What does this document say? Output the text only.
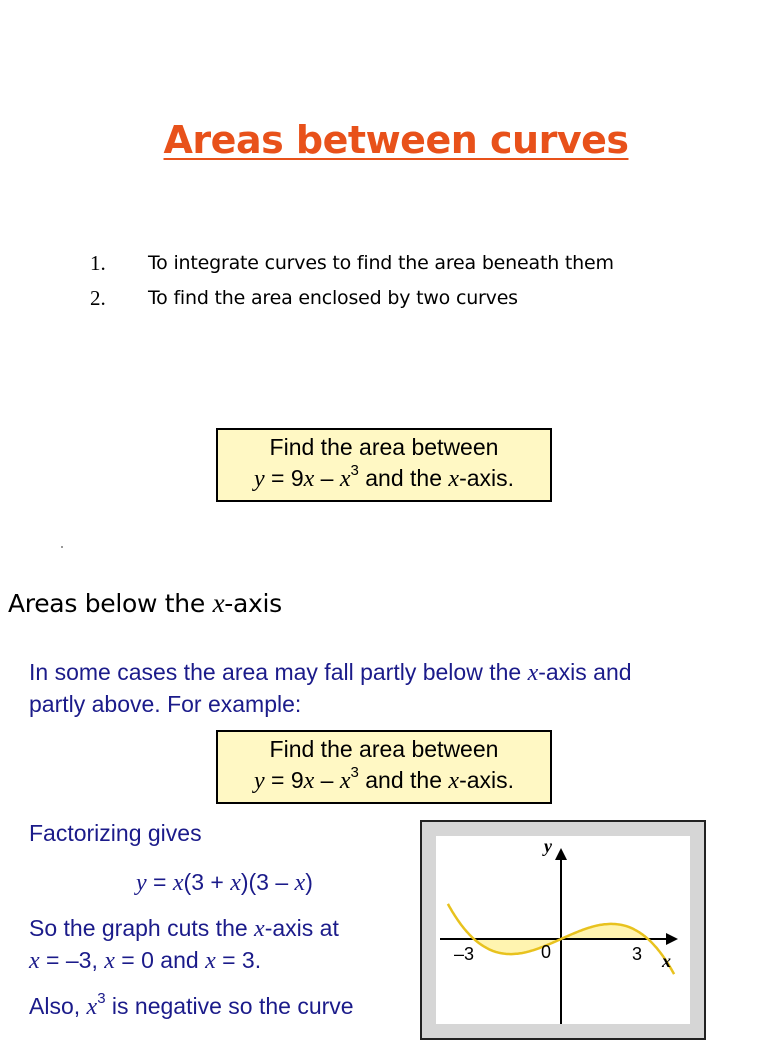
Areas between curves
1. To integrate curves to find the area beneath them
2. To find the area enclosed by two curves
Find the area between
$y = 9x - x^3$ and the x-axis.
Areas below the x-axis
In some cases the area may fall partly below the x-axis and
partly above. For example:
Find the area between
$y = 9x - x^3$ and the x-axis.
Factorizing gives
y = x(3 + x)(3 – x)
So the graph cuts the x-axis at
x = –3, x = 0 and x = 3.
Also, $x^3$ is negative so the curve
y
x
–3	0	3
